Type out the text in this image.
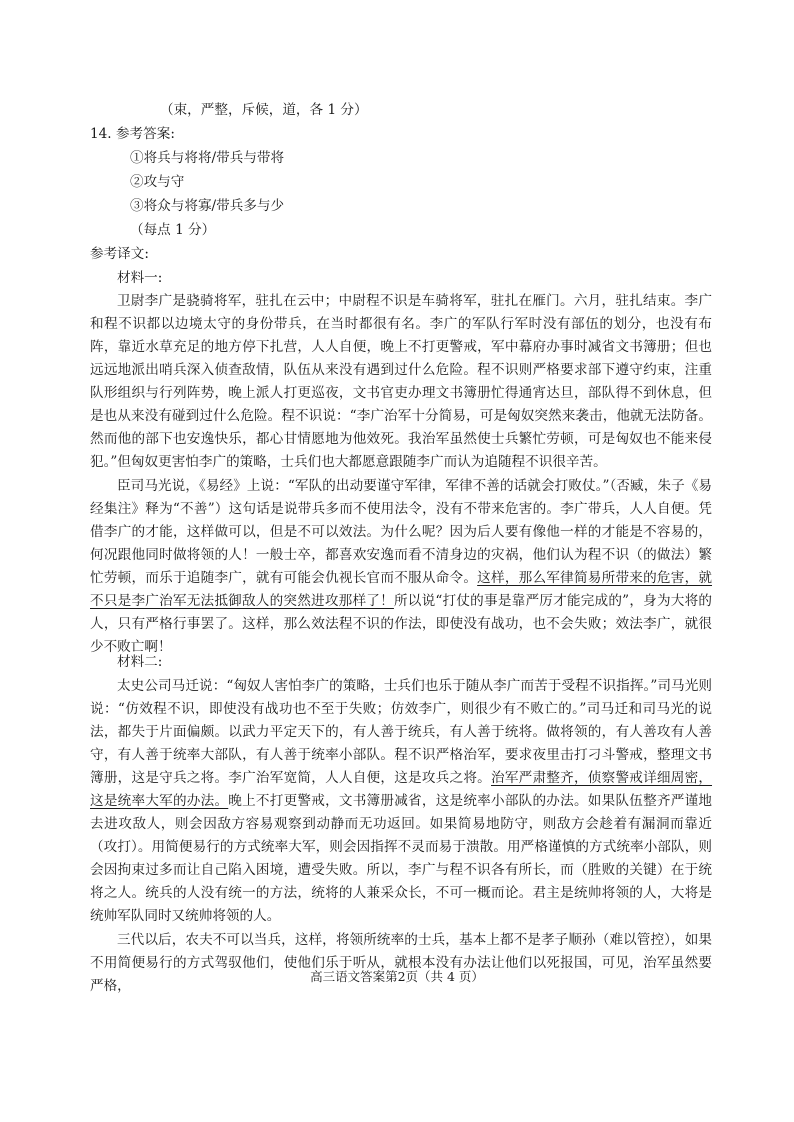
（束，严整，斥候，道，各 1 分）
14. 参考答案:
①将兵与将将/带兵与带将
②攻与守
③将众与将寡/带兵多与少
（每点 1 分）
参考译文:
材料一:

卫尉李广是骁骑将军，驻扎在云中；中尉程不识是车骑将军，驻扎在雁门。六月，驻扎结束。李广和程不识都以边境太守的身份带兵，在当时都很有名。李广的军队行军时没有部伍的划分，也没有布阵，靠近水草充足的地方停下扎营，人人自便，晚上不打更警戒，军中幕府办事时减省文书簿册；但也远远地派出哨兵深入侦查敌情，队伍从来没有遇到过什么危险。程不识则严格要求部下遵守约束，注重队形组织与行列阵势，晚上派人打更巡夜，文书官吏办理文书簿册忙得通宵达旦，部队得不到休息，但是也从来没有碰到过什么危险。程不识说：“李广治军十分简易，可是匈奴突然来袭击，他就无法防备。然而他的部下也安逸快乐，都心甘情愿地为他效死。我治军虽然使士兵繁忙劳顿，可是匈奴也不能来侵犯。”但匈奴更害怕李广的策略，士兵们也大都愿意跟随李广而认为追随程不识很辛苦。

臣司马光说，《易经》上说：“军队的出动要谨守军律，军律不善的话就会打败仗。”（否臧，朱子《易经集注》释为“不善”）这句话是说带兵多而不使用法令，没有不带来危害的。李广带兵，人人自便。凭借李广的才能，这样做可以，但是不可以效法。为什么呢？因为后人要有像他一样的才能是不容易的，何况跟他同时做将领的人！一般士卒，都喜欢安逸而看不清身边的灾祸，他们认为程不识（的做法）繁忙劳顿，而乐于追随李广，就有可能会仇视长官而不服从命令。这样，那么军律简易所带来的危害，就不只是李广治军无法抵御敌人的突然进攻那样了！所以说“打仗的事是靠严厉才能完成的”，身为大将的人，只有严格行事罢了。这样，那么效法程不识的作法，即使没有战功，也不会失败；效法李广，就很少不败亡啊！

材料二:

太史公司马迁说：“匈奴人害怕李广的策略，士兵们也乐于随从李广而苦于受程不识指挥。”司马光则说：“仿效程不识，即使没有战功也不至于失败；仿效李广，则很少有不败亡的。”司马迁和司马光的说法，都失于片面偏颇。以武力平定天下的，有人善于统兵，有人善于统将。做将领的，有人善攻有人善守，有人善于统率大部队，有人善于统率小部队。程不识严格治军，要求夜里击打刁斗警戒，整理文书簿册，这是守兵之将。李广治军宽简，人人自便，这是攻兵之将。治军严肃整齐，侦察警戒详细周密，这是统率大军的办法。晚上不打更警戒，文书簿册减省，这是统率小部队的办法。如果队伍整齐严谨地去进攻敌人，则会因敌方容易观察到动静而无功返回。如果简易地防守，则敌方会趁着有漏洞而靠近（攻打）。用简便易行的方式统率大军，则会因指挥不灵而易于溃散。用严格谨慎的方式统率小部队，则会因拘束过多而让自己陷入困境，遭受失败。所以，李广与程不识各有所长，而（胜败的关键）在于统将之人。统兵的人没有统一的方法，统将的人兼采众长，不可一概而论。君主是统帅将领的人，大将是统帅军队同时又统帅将领的人。

三代以后，农夫不可以当兵，这样，将领所统率的士兵，基本上都不是孝子顺孙（难以管控），如果不用简便易行的方式驾驭他们，使他们乐于听从，就根本没有办法让他们以死报国，可见，治军虽然要严格，

高三语文答案第2页（共 4 页）
